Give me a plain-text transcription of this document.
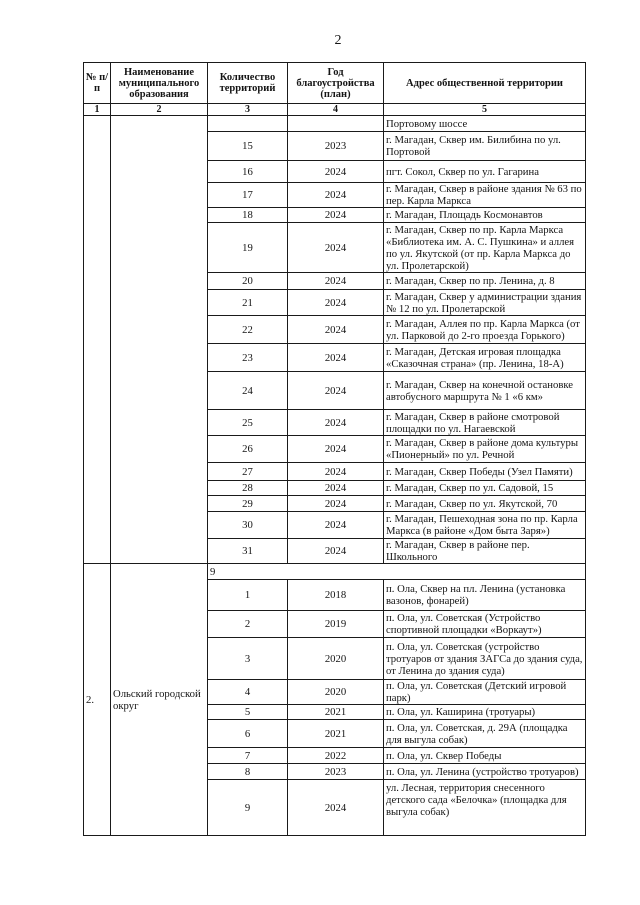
2
№ п/п	Наименование муниципального образования	Количество территорий	Год благоустройства (план)	Адрес общественной территории
1	2	3	4	5
				Портовому шоссе
		15	2023	г. Магадан, Сквер им. Билибина по ул. Портовой
		16	2024	пгт. Сокол, Сквер по ул. Гагарина
		17	2024	г. Магадан, Сквер в районе здания № 63 по пер. Карла Маркса
		18	2024	г. Магадан, Площадь Космонавтов
		19	2024	г. Магадан, Сквер по пр. Карла Маркса «Библиотека им. А. С. Пушкина» и аллея по ул. Якутской (от пр. Карла Маркса до ул. Пролетарской)
		20	2024	г. Магадан, Сквер по пр. Ленина, д. 8
		21	2024	г. Магадан, Сквер у администрации здания № 12 по ул. Пролетарской
		22	2024	г. Магадан, Аллея по пр. Карла Маркса (от ул. Парковой до 2-го проезда Горького)
		23	2024	г. Магадан, Детская игровая площадка «Сказочная страна» (пр. Ленина, 18-А)
		24	2024	г. Магадан, Сквер на конечной остановке автобусного маршрута № 1 «6 км»
		25	2024	г. Магадан, Сквер в районе смотровой площадки по ул. Нагаевской
		26	2024	г. Магадан, Сквер в районе дома культуры «Пионерный» по ул. Речной
		27	2024	г. Магадан, Сквер Победы (Узел Памяти)
		28	2024	г. Магадан, Сквер по ул. Садовой, 15
		29	2024	г. Магадан, Сквер по ул. Якутской, 70
		30	2024	г. Магадан, Пешеходная зона по пр. Карла Маркса (в районе «Дом быта Заря»)
		31	2024	г. Магадан, Сквер в районе пер. Школьного
2.	Ольский городской округ	9		
		1	2018	п. Ола, Сквер на пл. Ленина (установка вазонов, фонарей)
		2	2019	п. Ола, ул. Советская (Устройство спортивной площадки «Воркаут»)
		3	2020	п. Ола, ул. Советская (устройство тротуаров от здания ЗАГСа до здания суда, от Ленина до здания суда)
		4	2020	п. Ола, ул. Советская (Детский игровой парк)
		5	2021	п. Ола, ул. Каширина (тротуары)
		6	2021	п. Ола, ул. Советская, д. 29А (площадка для выгула собак)
		7	2022	п. Ола, ул. Сквер Победы
		8	2023	п. Ола, ул. Ленина (устройство тротуаров)
		9	2024	ул. Лесная, территория снесенного детского сада «Белочка» (площадка для выгула собак)
